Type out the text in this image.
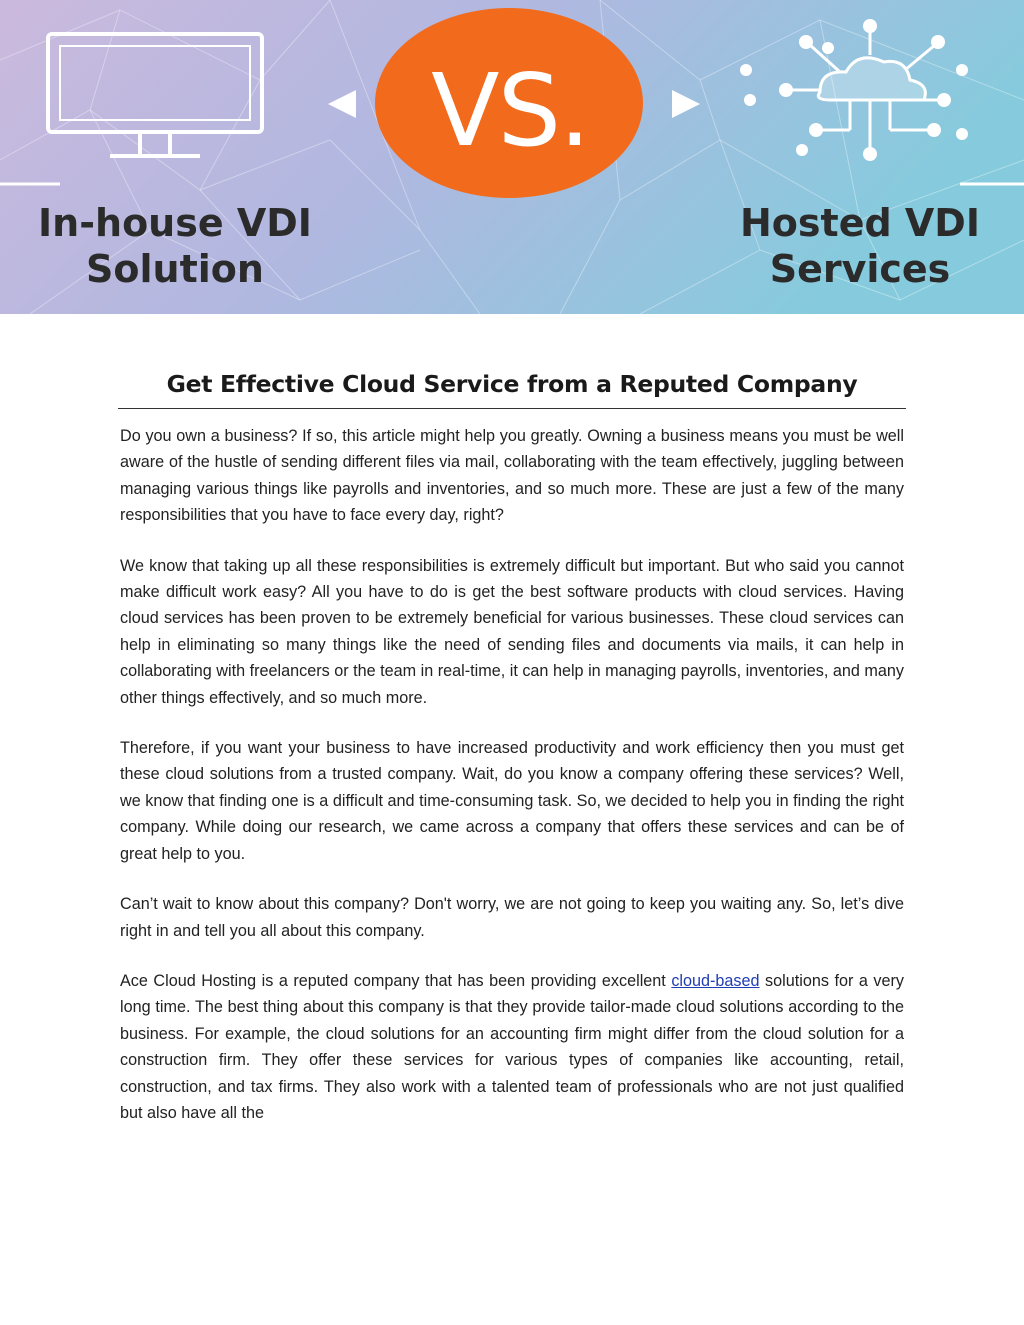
VS.
In-house VDI
Solution
Hosted VDI
Services
Get Effective Cloud Service from a Reputed Company

Do you own a business? If so, this article might help you greatly. Owning a business means you must be well aware of the hustle of sending different files via mail, collaborating with the team effectively, juggling between managing various things like payrolls and inventories, and so much more. These are just a few of the many responsibilities that you have to face every day, right?

We know that taking up all these responsibilities is extremely difficult but important. But who said you cannot make difficult work easy? All you have to do is get the best software products with cloud services. Having cloud services has been proven to be extremely beneficial for various businesses. These cloud services can help in eliminating so many things like the need of sending files and documents via mails, it can help in collaborating with freelancers or the team in real-time, it can help in managing payrolls, inventories, and many other things effectively, and so much more.

Therefore, if you want your business to have increased productivity and work efficiency then you must get these cloud solutions from a trusted company. Wait, do you know a company offering these services? Well, we know that finding one is a difficult and time-consuming task. So, we decided to help you in finding the right company. While doing our research, we came across a company that offers these services and can be of great help to you.

Can’t wait to know about this company? Don't worry, we are not going to keep you waiting any. So, let’s dive right in and tell you all about this company.

Ace Cloud Hosting is a reputed company that has been providing excellent cloud-based solutions for a very long time. The best thing about this company is that they provide tailor-made cloud solutions according to the business. For example, the cloud solutions for an accounting firm might differ from the cloud solution for a construction firm. They offer these services for various types of companies like accounting, retail, construction, and tax firms. They also work with a talented team of professionals who are not just qualified but also have all the
